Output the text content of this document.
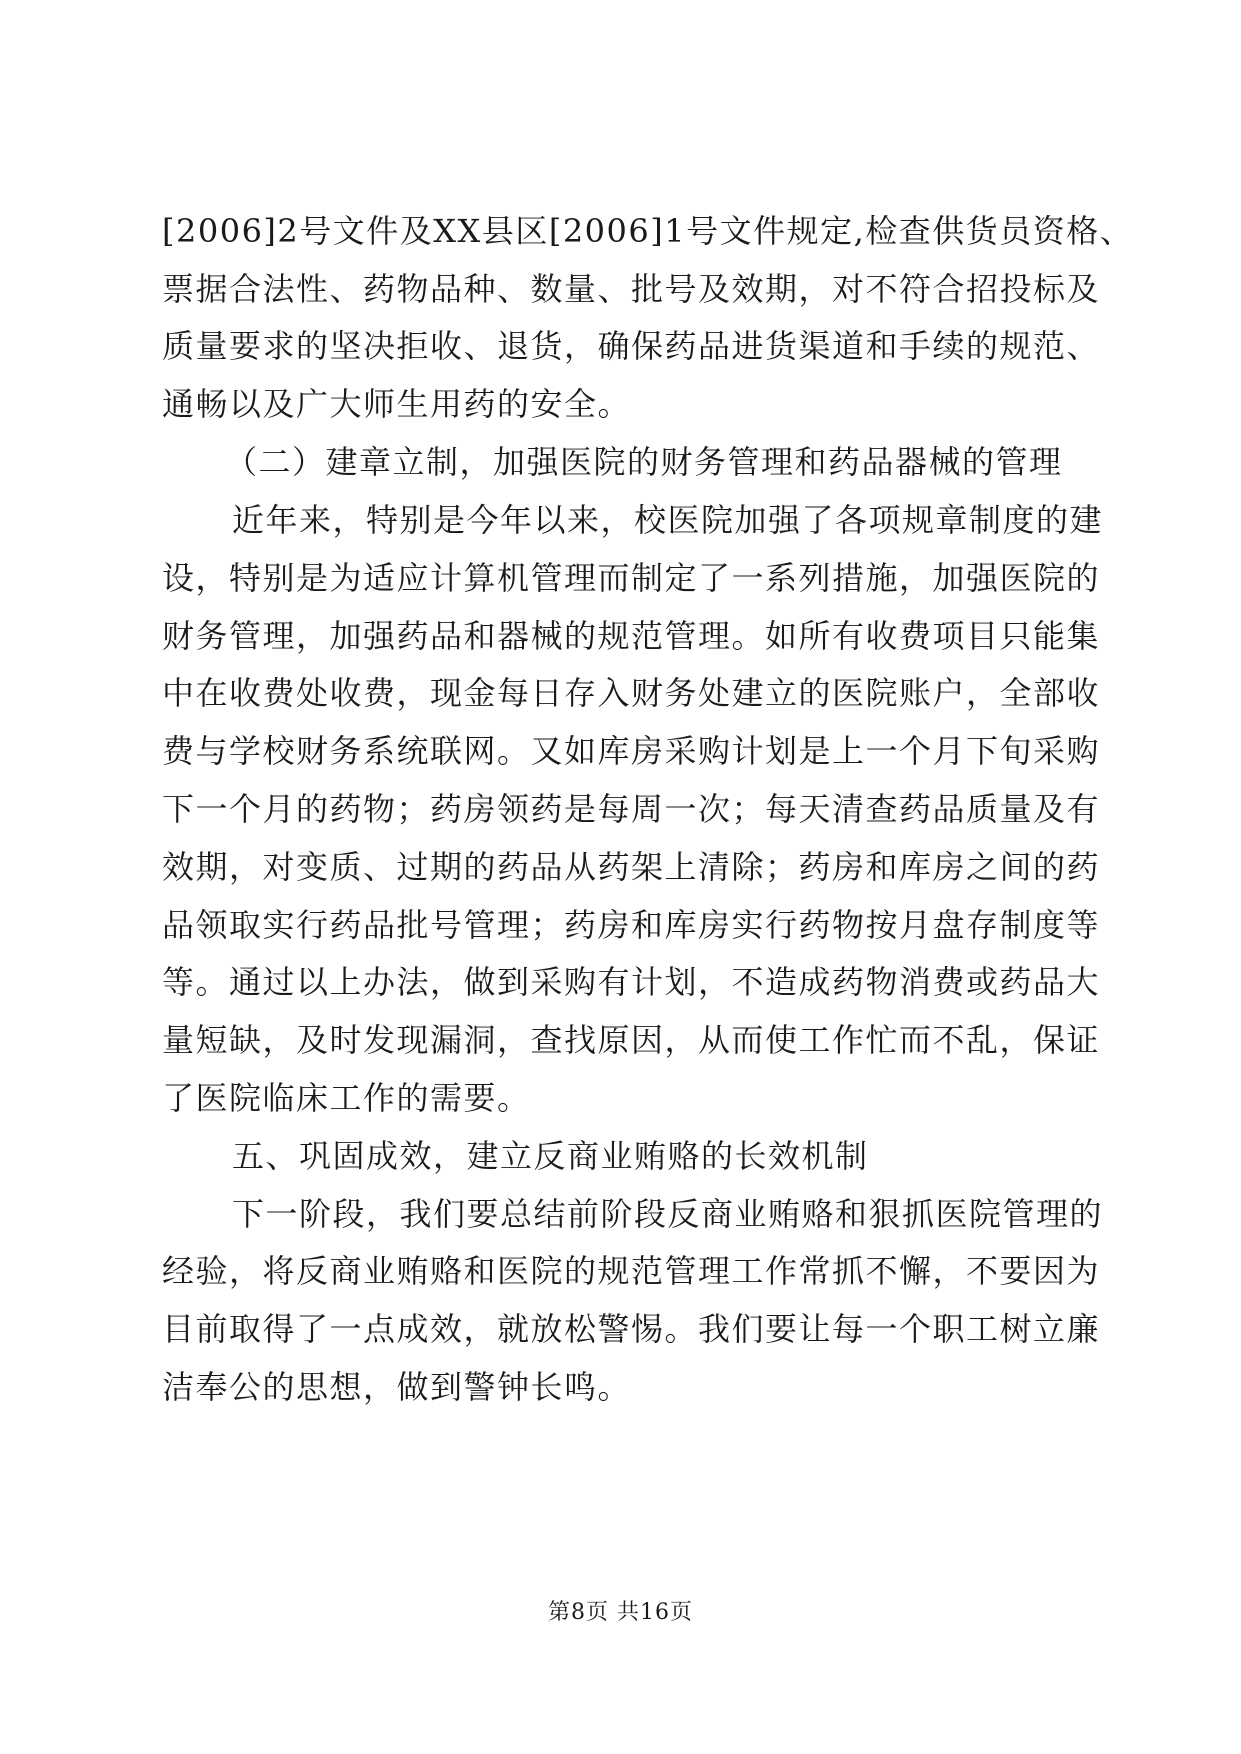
[2006]2号文件及XX县区[2006]1号文件规定,检查供货员资格、
票据合法性、药物品种、数量、批号及效期，对不符合招投标及
质量要求的坚决拒收、退货，确保药品进货渠道和手续的规范、
通畅以及广大师生用药的安全。
（二）建章立制，加强医院的财务管理和药品器械的管理
近年来，特别是今年以来，校医院加强了各项规章制度的建
设，特别是为适应计算机管理而制定了一系列措施，加强医院的
财务管理，加强药品和器械的规范管理。如所有收费项目只能集
中在收费处收费，现金每日存入财务处建立的医院账户，全部收
费与学校财务系统联网。又如库房采购计划是上一个月下旬采购
下一个月的药物；药房领药是每周一次；每天清查药品质量及有
效期，对变质、过期的药品从药架上清除；药房和库房之间的药
品领取实行药品批号管理；药房和库房实行药物按月盘存制度等
等。通过以上办法，做到采购有计划，不造成药物消费或药品大
量短缺，及时发现漏洞，查找原因，从而使工作忙而不乱，保证
了医院临床工作的需要。
五、巩固成效，建立反商业贿赂的长效机制
下一阶段，我们要总结前阶段反商业贿赂和狠抓医院管理的
经验，将反商业贿赂和医院的规范管理工作常抓不懈，不要因为
目前取得了一点成效，就放松警惕。我们要让每一个职工树立廉
洁奉公的思想，做到警钟长鸣。
第8页 共16页
